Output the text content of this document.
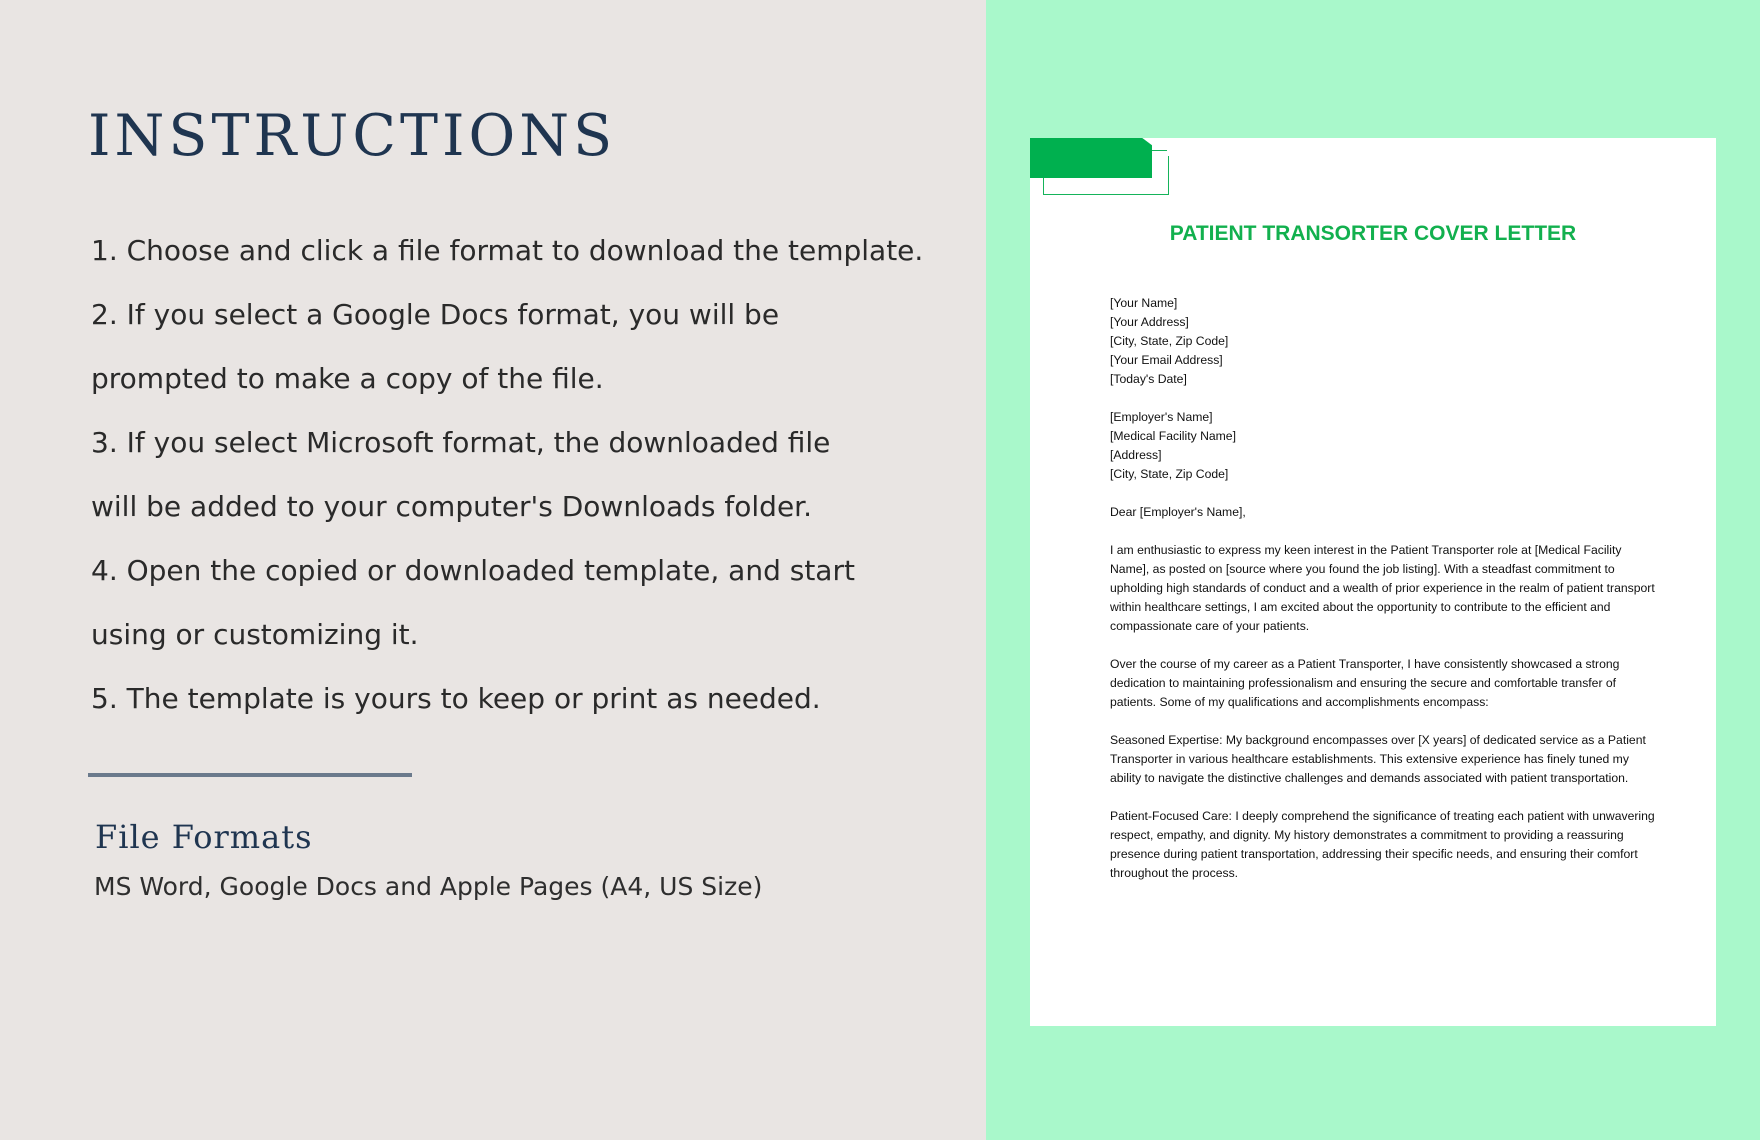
INSTRUCTIONS
1. Choose and click a file format to download the template.
2. If you select a Google Docs format, you will be
prompted to make a copy of the file.
3. If you select Microsoft format, the downloaded file
will be added to your computer's Downloads folder.
4. Open the copied or downloaded template, and start
using or customizing it.
5. The template is yours to keep or print as needed.
File Formats

MS Word, Google Docs and Apple Pages (A4, US Size)

PATIENT TRANSORTER COVER LETTER

[Your Name]
[Your Address]
[City, State, Zip Code]
[Your Email Address]
[Today's Date]

[Employer's Name]
[Medical Facility Name]
[Address]
[City, State, Zip Code]

Dear [Employer's Name],

I am enthusiastic to express my keen interest in the Patient Transporter role at [Medical Facility Name], as posted on [source where you found the job listing]. With a steadfast commitment to upholding high standards of conduct and a wealth of prior experience in the realm of patient transport within healthcare settings, I am excited about the opportunity to contribute to the efficient and compassionate care of your patients.

Over the course of my career as a Patient Transporter, I have consistently showcased a strong dedication to maintaining professionalism and ensuring the secure and comfortable transfer of patients. Some of my qualifications and accomplishments encompass:

Seasoned Expertise: My background encompasses over [X years] of dedicated service as a Patient Transporter in various healthcare establishments. This extensive experience has finely tuned my ability to navigate the distinctive challenges and demands associated with patient transportation.

Patient-Focused Care: I deeply comprehend the significance of treating each patient with unwavering respect, empathy, and dignity. My history demonstrates a commitment to providing a reassuring presence during patient transportation, addressing their specific needs, and ensuring their comfort throughout the process.
